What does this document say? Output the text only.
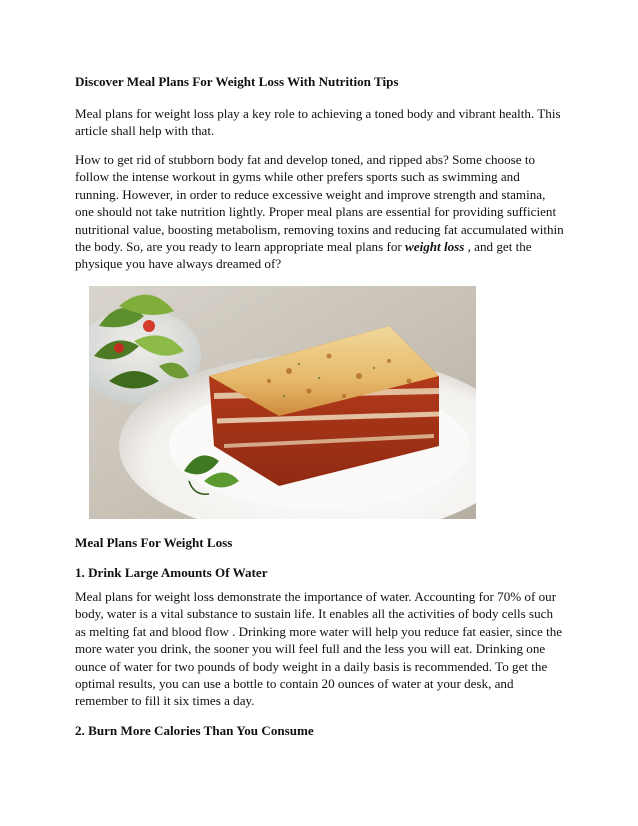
Discover Meal Plans For Weight Loss With Nutrition Tips

Meal plans for weight loss play a key role to achieving a toned body and vibrant health. This article shall help with that.

How to get rid of stubborn body fat and develop toned, and ripped abs? Some choose to follow the intense workout in gyms while other prefers sports such as swimming and running. However, in order to reduce excessive weight and improve strength and stamina, one should not take nutrition lightly. Proper meal plans are essential for providing sufficient nutritional value, boosting metabolism, removing toxins and reducing fat accumulated within the body. So, are you ready to learn appropriate meal plans for weight loss , and get the physique you have always dreamed of?

Meal Plans For Weight Loss

1. Drink Large Amounts Of Water

Meal plans for weight loss demonstrate the importance of water. Accounting for 70% of our body, water is a vital substance to sustain life. It enables all the activities of body cells such as melting fat and blood flow . Drinking more water will help you reduce fat easier, since the more water you drink, the sooner you will feel full and the less you will eat. Drinking one ounce of water for two pounds of body weight in a daily basis is recommended. To get the optimal results, you can use a bottle to contain 20 ounces of water at your desk, and remember to fill it six times a day.

2. Burn More Calories Than You Consume
